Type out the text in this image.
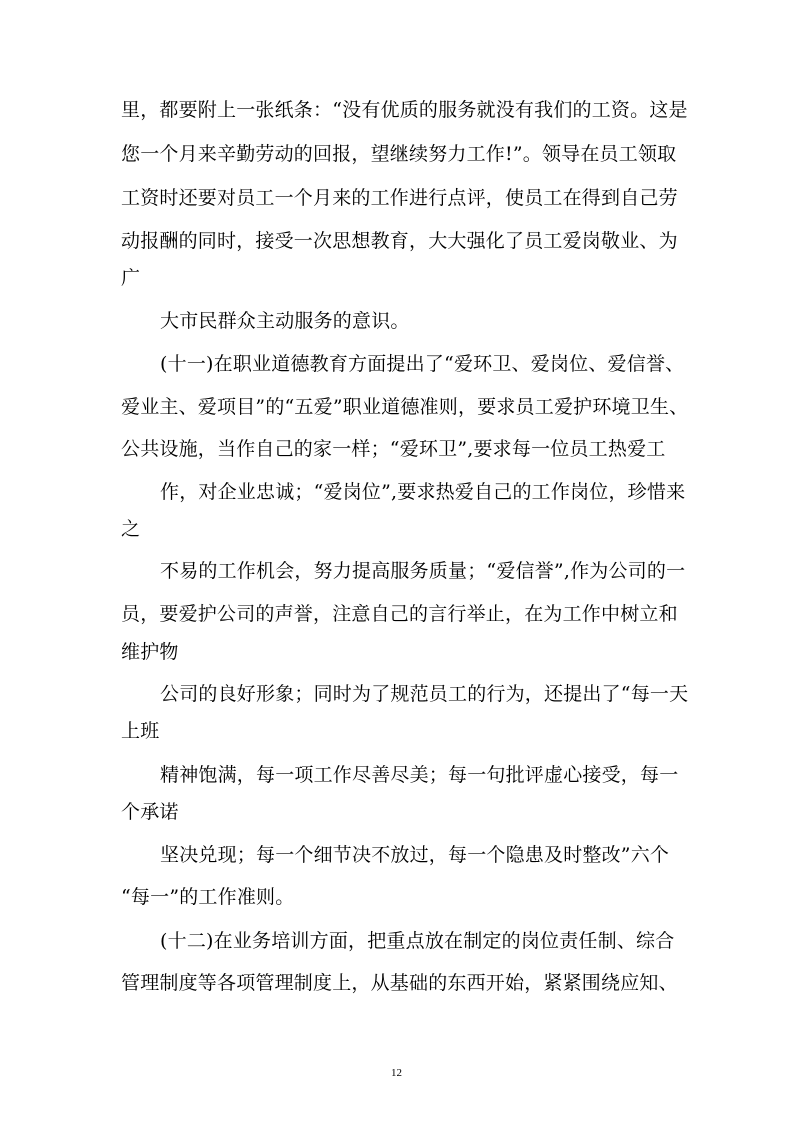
里，都要附上一张纸条：“没有优质的服务就没有我们的工资。这是
您一个月来辛勤劳动的回报，望继续努力工作!”。领导在员工领取
工资时还要对员工一个月来的工作进行点评，使员工在得到自己劳
动报酬的同时，接受一次思想教育，大大强化了员工爱岗敬业、为
广
大市民群众主动服务的意识。
(十一)在职业道德教育方面提出了“爱环卫、爱岗位、爱信誉、
爱业主、爱项目”的“五爱”职业道德准则，要求员工爱护环境卫生、
公共设施，当作自己的家一样；“爱环卫”,要求每一位员工热爱工
作，对企业忠诚；“爱岗位”,要求热爱自己的工作岗位，珍惜来
之
不易的工作机会，努力提高服务质量；“爱信誉”,作为公司的一
员，要爱护公司的声誉，注意自己的言行举止，在为工作中树立和
维护物
公司的良好形象；同时为了规范员工的行为，还提出了“每一天
上班
精神饱满，每一项工作尽善尽美；每一句批评虚心接受，每一
个承诺
坚决兑现；每一个细节决不放过，每一个隐患及时整改”六个
“每一”的工作准则。
(十二)在业务培训方面，把重点放在制定的岗位责任制、综合
管理制度等各项管理制度上，从基础的东西开始，紧紧围绕应知、
12
